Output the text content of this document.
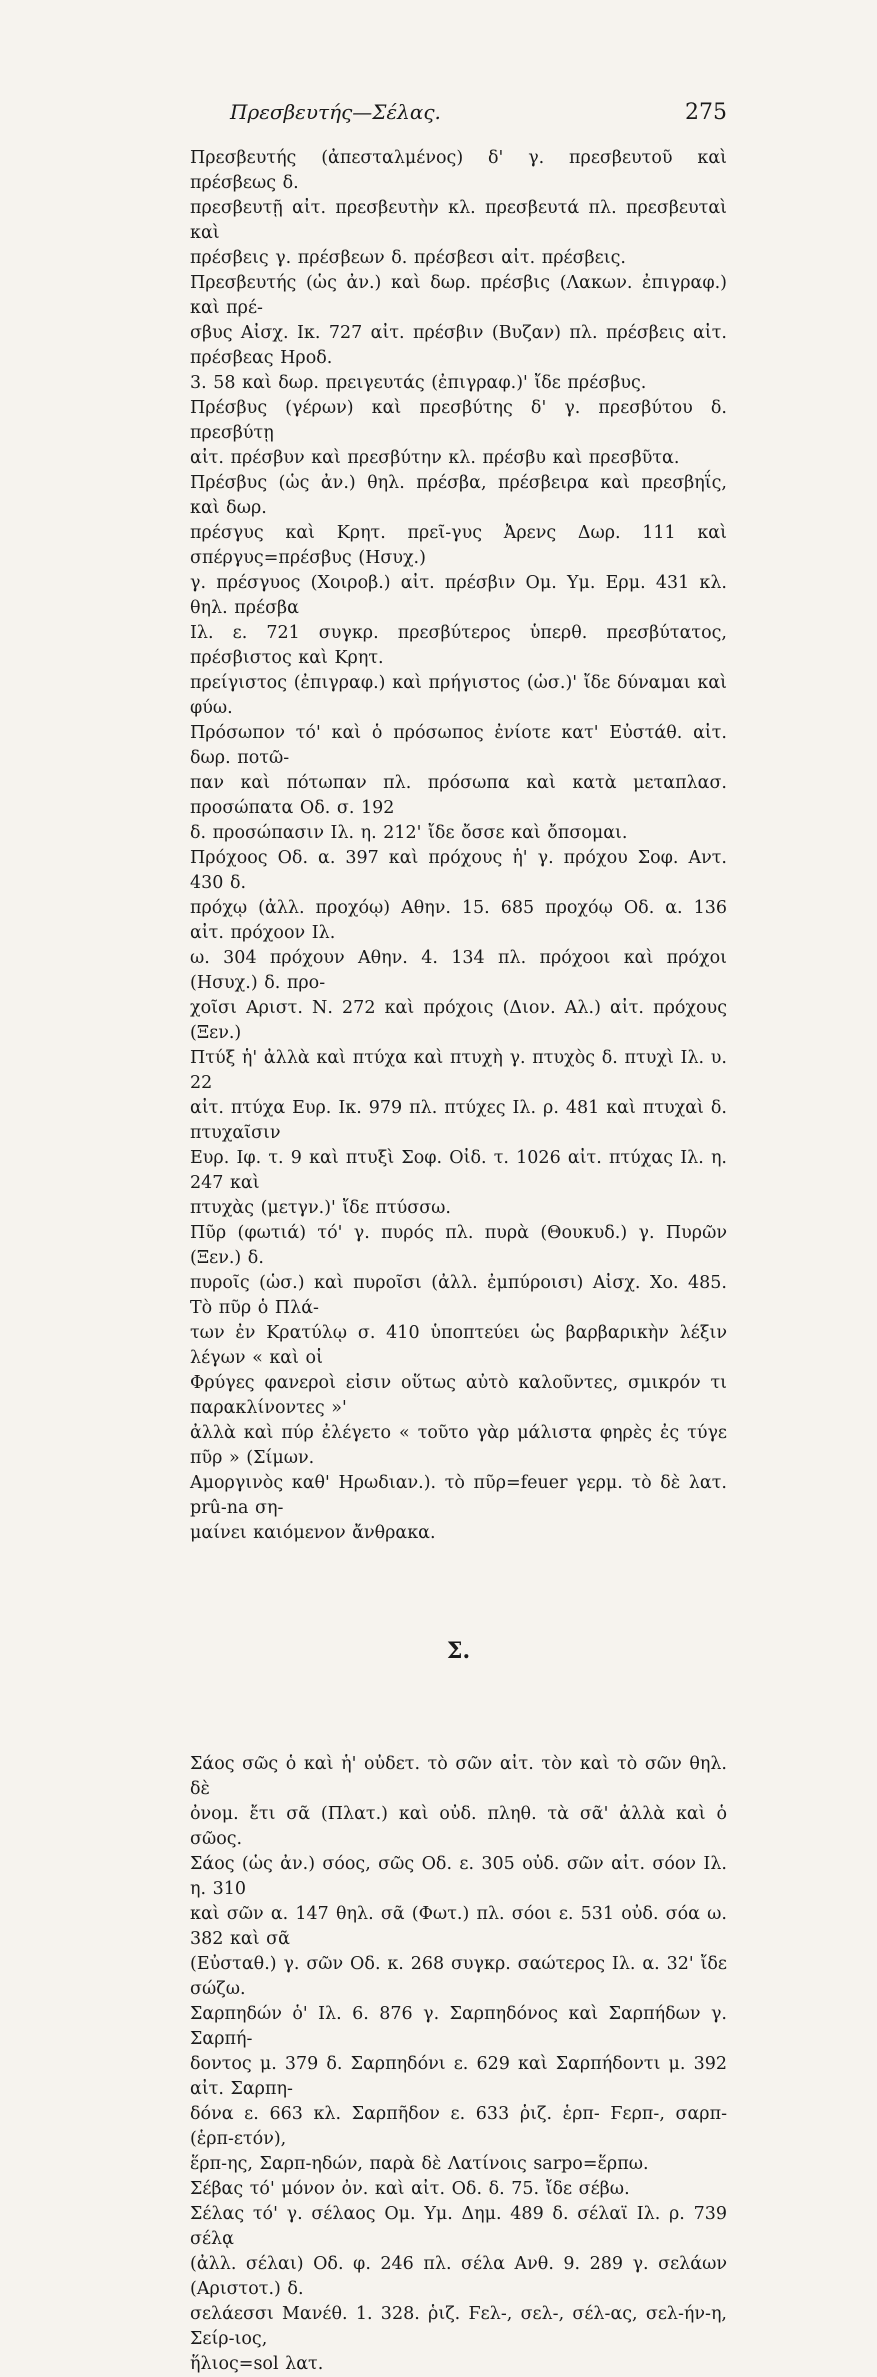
Πρεσβευτής—Σέλας.	275
Πρεσβευτής (ἀπεσταλμένος) δ' γ. πρεσβευτοῦ καὶ πρέσβεως δ.
πρεσβευτῇ αἰτ. πρεσβευτὴν κλ. πρεσβευτά πλ. πρεσβευταὶ καὶ
πρέσβεις γ. πρέσβεων δ. πρέσβεσι αἰτ. πρέσβεις.
Πρεσβευτής (ὡς ἀν.) καὶ δωρ. πρέσβις (Λακων. ἐπιγραφ.) καὶ πρέ-
σβυς Αἰσχ. Ικ. 727 αἰτ. πρέσβιν (Βυζαν) πλ. πρέσβεις αἰτ. πρέσβεας Ηροδ.
3. 58 καὶ δωρ. πρειγευτάς (ἐπιγραφ.)' ἴδε πρέσβυς.
Πρέσβυς (γέρων) καὶ πρεσβύτης δ' γ. πρεσβύτου δ. πρεσβύτῃ
αἰτ. πρέσβυν καὶ πρεσβύτην κλ. πρέσβυ καὶ πρεσβῦτα.
Πρέσβυς (ὡς ἀν.) θηλ. πρέσβα, πρέσβειρα καὶ πρεσβηΐς, καὶ δωρ.
πρέσγυς καὶ Κρητ. πρεῖ-γυς Ἀρενς Δωρ. 111 καὶ σπέργυς=πρέσβυς (Ησυχ.)
γ. πρέσγυος (Χοιροβ.) αἰτ. πρέσβιν Ομ. Υμ. Ερμ. 431 κλ. θηλ. πρέσβα
Ιλ. ε. 721 συγκρ. πρεσβύτερος ὑπερθ. πρεσβύτατος, πρέσβιστος καὶ Κρητ.
πρείγιστος (ἐπιγραφ.) καὶ πρήγιστος (ὡσ.)' ἴδε δύναμαι καὶ φύω.
Πρόσωπον τό' καὶ ὁ πρόσωπος ἐνίοτε κατ' Εὐστάθ. αἰτ. δωρ. ποτῶ-
παν καὶ πότωπαν πλ. πρόσωπα καὶ κατὰ μεταπλασ. προσώπατα Οδ. σ. 192
δ. προσώπασιν Ιλ. η. 212' ἴδε ὄσσε καὶ ὄπσομαι.
Πρόχοος Οδ. α. 397 καὶ πρόχους ἡ' γ. πρόχου Σοφ. Αντ. 430 δ.
πρόχῳ (ἀλλ. προχόῳ) Αθην. 15. 685 προχόῳ Οδ. α. 136 αἰτ. πρόχοον Ιλ.
ω. 304 πρόχουν Αθην. 4. 134 πλ. πρόχοοι καὶ πρόχοι (Ησυχ.) δ. προ-
χοῖσι Αριστ. Ν. 272 καὶ πρόχοις (Διον. Αλ.) αἰτ. πρόχους (Ξεν.)
Πτύξ ἡ' ἀλλὰ καὶ πτύχα καὶ πτυχὴ γ. πτυχὸς δ. πτυχὶ Ιλ. υ. 22
αἰτ. πτύχα Ευρ. Ικ. 979 πλ. πτύχες Ιλ. ρ. 481 καὶ πτυχαὶ δ. πτυχαῖσιν
Ευρ. Ιφ. τ. 9 καὶ πτυξὶ Σοφ. Οἰδ. τ. 1026 αἰτ. πτύχας Ιλ. η. 247 καὶ
πτυχὰς (μετγν.)' ἴδε πτύσσω.
Πῦρ (φωτιά) τό' γ. πυρός πλ. πυρὰ (Θουκυδ.) γ. Πυρῶν (Ξεν.) δ.
πυροῖς (ὡσ.) καὶ πυροῖσι (ἀλλ. ἐμπύροισι) Αἰσχ. Χο. 485. Τὸ πῦρ ὁ Πλά-
των ἐν Κρατύλῳ σ. 410 ὑποπτεύει ὡς βαρβαρικὴν λέξιν λέγων « καὶ οἱ
Φρύγες φανεροὶ εἰσιν οὕτως αὐτὸ καλοῦντες, σμικρόν τι παρακλίνοντες »'
ἀλλὰ καὶ πύρ ἐλέγετο « τοῦτο γὰρ μάλιστα φηρὲς ἐς τύγε πῦρ » (Σίμων.
Αμοργινὸς καθ' Ηρωδιαν.). τὸ πῦρ=feuer γερμ. τὸ δὲ λατ. prû-na ση-
μαίνει καιόμενον ἄνθρακα.
Σ.
Σάος σῶς ὁ καὶ ἡ' οὐδετ. τὸ σῶν αἰτ. τὸν καὶ τὸ σῶν θηλ. δὲ
ὀνομ. ἔτι σᾶ (Πλατ.) καὶ οὐδ. πληθ. τὰ σᾶ' ἀλλὰ καὶ ὁ σῶος.
Σάος (ὡς ἀν.) σόος, σῶς Οδ. ε. 305 οὐδ. σῶν αἰτ. σόον Ιλ. η. 310
καὶ σῶν α. 147 θηλ. σᾶ (Φωτ.) πλ. σόοι ε. 531 οὐδ. σόα ω. 382 καὶ σᾶ
(Εὐσταθ.) γ. σῶν Οδ. κ. 268 συγκρ. σαώτερος Ιλ. α. 32' ἴδε σώζω.
Σαρπηδών ὁ' Ιλ. 6. 876 γ. Σαρπηδόνος καὶ Σαρπήδων γ. Σαρπή-
δοντος μ. 379 δ. Σαρπηδόνι ε. 629 καὶ Σαρπήδοντι μ. 392 αἰτ. Σαρπη-
δόνα ε. 663 κλ. Σαρπῆδον ε. 633 ῥιζ. ἑρπ- Ϝερπ-, σαρπ- (ἑρπ-ετόν),
ἕρπ-ης, Σαρπ-ηδών, παρὰ δὲ Λατίνοις sarpo=ἕρπω.
Σέβας τό' μόνον ὀν. καὶ αἰτ. Οδ. δ. 75. ἴδε σέβω.
Σέλας τό' γ. σέλαος Ομ. Υμ. Δημ. 489 δ. σέλαϊ Ιλ. ρ. 739 σέλᾳ
(ἀλλ. σέλαι) Οδ. φ. 246 πλ. σέλα Ανθ. 9. 289 γ. σελάων (Αριστοτ.) δ.
σελάεσσι Μανέθ. 1. 328. ῥιζ. Ϝελ-, σελ-, σέλ-ας, σελ-ήν-η, Σείρ-ιος,
ἥλιος=sol λατ.
